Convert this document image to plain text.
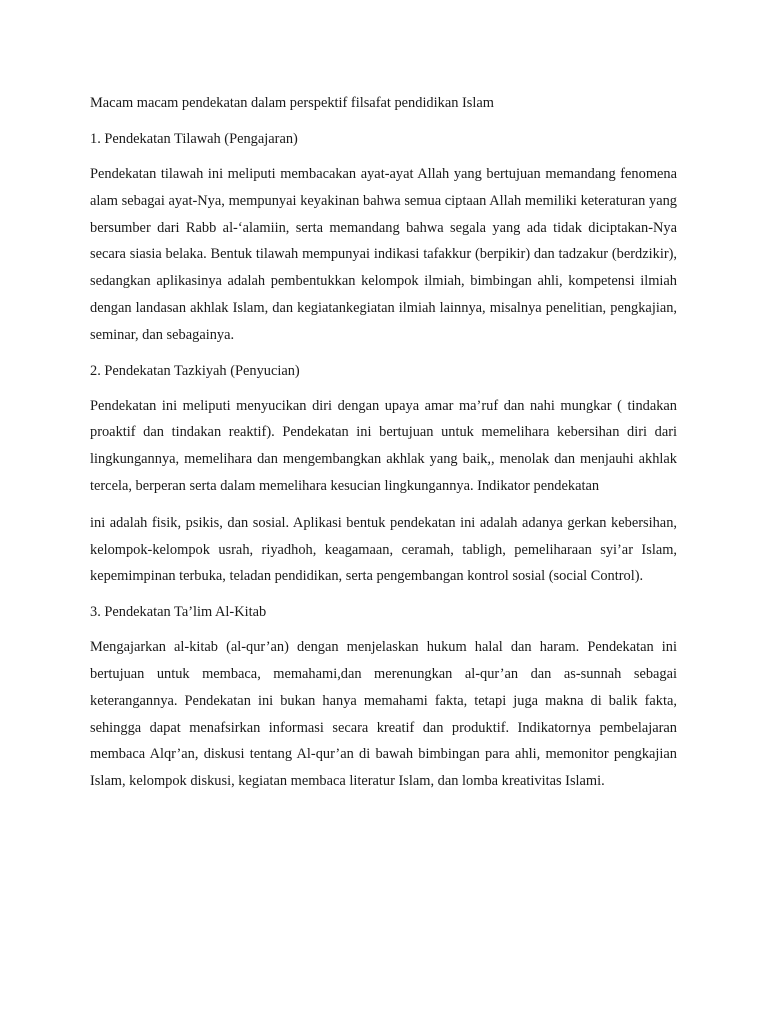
Macam macam pendekatan dalam perspektif filsafat pendidikan Islam

1. Pendekatan Tilawah (Pengajaran)

Pendekatan tilawah ini meliputi membacakan ayat-ayat Allah yang bertujuan memandang fenomena alam sebagai ayat-Nya, mempunyai keyakinan bahwa semua ciptaan Allah memiliki keteraturan yang bersumber dari Rabb al-‘alamiin, serta memandang bahwa segala yang ada tidak diciptakan-Nya secara siasia belaka. Bentuk tilawah mempunyai indikasi tafakkur (berpikir) dan tadzakur (berdzikir), sedangkan aplikasinya adalah pembentukkan kelompok ilmiah, bimbingan ahli, kompetensi ilmiah dengan landasan akhlak Islam, dan kegiatankegiatan ilmiah lainnya, misalnya penelitian, pengkajian, seminar, dan sebagainya.

2. Pendekatan Tazkiyah (Penyucian)

Pendekatan ini meliputi menyucikan diri dengan upaya amar ma’ruf dan nahi mungkar ( tindakan proaktif dan tindakan reaktif). Pendekatan ini bertujuan untuk memelihara kebersihan diri dari lingkungannya, memelihara dan mengembangkan akhlak yang baik,, menolak dan menjauhi akhlak tercela, berperan serta dalam memelihara kesucian lingkungannya. Indikator pendekatan

ini adalah fisik, psikis, dan sosial. Aplikasi bentuk pendekatan ini adalah adanya gerkan kebersihan, kelompok-kelompok usrah, riyadhoh, keagamaan, ceramah, tabligh, pemeliharaan syi’ar Islam, kepemimpinan terbuka, teladan pendidikan, serta pengembangan kontrol sosial (social Control).

3. Pendekatan Ta’lim Al-Kitab

Mengajarkan al-kitab (al-qur’an) dengan menjelaskan hukum halal dan haram. Pendekatan ini bertujuan untuk membaca, memahami,dan merenungkan al-qur’an dan as-sunnah sebagai keterangannya. Pendekatan ini bukan hanya memahami fakta, tetapi juga makna di balik fakta, sehingga dapat menafsirkan informasi secara kreatif dan produktif. Indikatornya pembelajaran membaca Alqr’an, diskusi tentang Al-qur’an di bawah bimbingan para ahli, memonitor pengkajian Islam, kelompok diskusi, kegiatan membaca literatur Islam, dan lomba kreativitas Islami.
